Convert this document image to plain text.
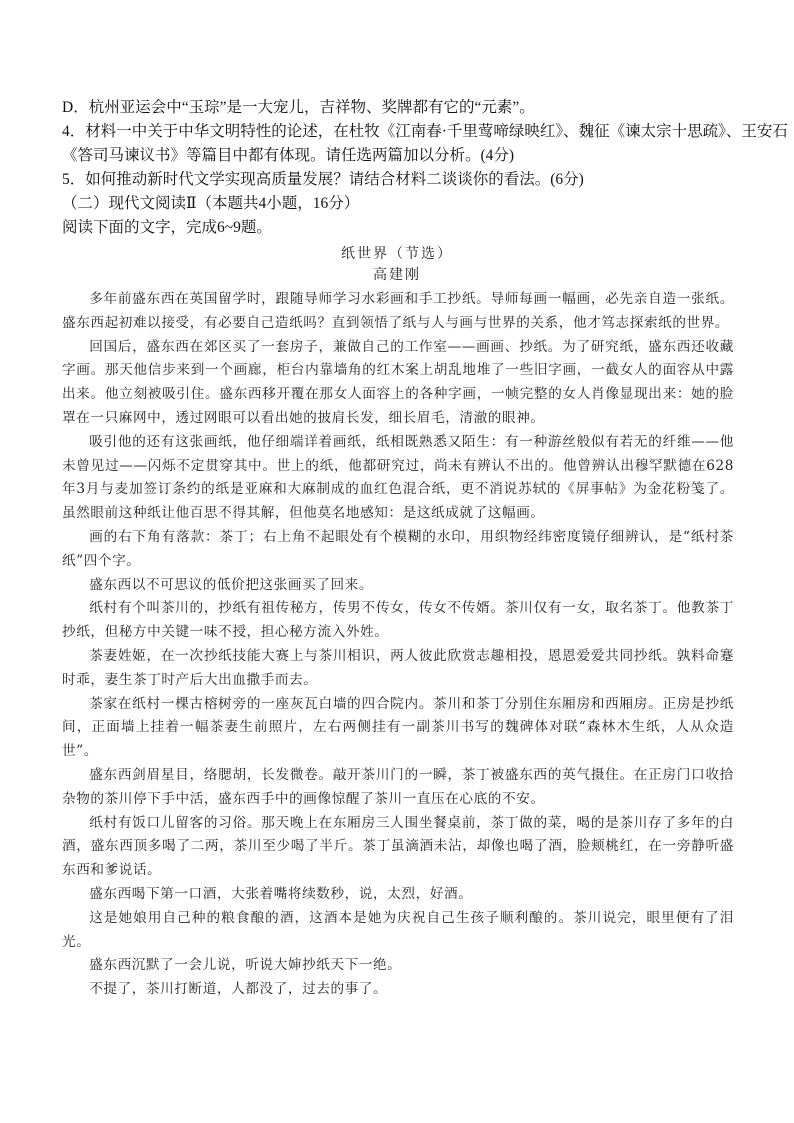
D．杭州亚运会中“玉琮”是一大宠儿，吉祥物、奖牌都有它的“元素”。
4．材料一中关于中华文明特性的论述，在杜牧《江南春·千里莺啼绿映红》、魏征《谏太宗十思疏》、王安石
《答司马谏议书》等篇目中都有体现。请任选两篇加以分析。(4分)
5．如何推动新时代文学实现高质量发展？请结合材料二谈谈你的看法。(6分)
（二）现代文阅读Ⅱ（本题共4小题，16分）
阅读下面的文字，完成6~9题。
纸世界（节选）
高建刚

多年前盛东西在英国留学时，跟随导师学习水彩画和手工抄纸。导师每画一幅画，必先亲自造一张纸。盛东西起初难以接受，有必要自己造纸吗？直到领悟了纸与人与画与世界的关系，他才笃志探索纸的世界。

回国后，盛东西在郊区买了一套房子，兼做自己的工作室——画画、抄纸。为了研究纸，盛东西还收藏字画。那天他信步来到一个画廊，柜台内靠墙角的红木案上胡乱地堆了一些旧字画，一截女人的面容从中露出来。他立刻被吸引住。盛东西移开覆在那女人面容上的各种字画，一帧完整的女人肖像显现出来：她的脸罩在一只麻网中，透过网眼可以看出她的披肩长发，细长眉毛，清澈的眼神。

吸引他的还有这张画纸，他仔细端详着画纸，纸相既熟悉又陌生：有一种游丝般似有若无的纤维——他未曾见过——闪烁不定贯穿其中。世上的纸，他都研究过，尚未有辨认不出的。他曾辨认出穆罕默德在628年3月与麦加签订条约的纸是亚麻和大麻制成的血红色混合纸，更不消说苏轼的《屏事帖》为金花粉笺了。虽然眼前这种纸让他百思不得其解，但他莫名地感知：是这纸成就了这幅画。

画的右下角有落款：茶丁；右上角不起眼处有个模糊的水印，用织物经纬密度镜仔细辨认，是“纸村茶纸”四个字。

盛东西以不可思议的低价把这张画买了回来。

纸村有个叫茶川的，抄纸有祖传秘方，传男不传女，传女不传婿。茶川仅有一女，取名茶丁。他教茶丁抄纸，但秘方中关键一味不授，担心秘方流入外姓。

茶妻姓姬，在一次抄纸技能大赛上与茶川相识，两人彼此欣赏志趣相投，恩恩爱爱共同抄纸。孰料命蹇时乖，妻生茶丁时产后大出血撒手而去。

茶家在纸村一棵古榕树旁的一座灰瓦白墙的四合院内。茶川和茶丁分别住东厢房和西厢房。正房是抄纸间，正面墙上挂着一幅茶妻生前照片，左右两侧挂有一副茶川书写的魏碑体对联“森林木生纸，人从众造世”。

盛东西剑眉星目，络腮胡，长发微卷。敲开茶川门的一瞬，茶丁被盛东西的英气摄住。在正房门口收拾杂物的茶川停下手中活，盛东西手中的画像惊醒了茶川一直压在心底的不安。

纸村有饭口儿留客的习俗。那天晚上在东厢房三人围坐餐桌前，茶丁做的菜，喝的是茶川存了多年的白酒，盛东西顶多喝了二两，茶川至少喝了半斤。茶丁虽滴酒未沾，却像也喝了酒，脸颊桃红，在一旁静听盛东西和爹说话。

盛东西喝下第一口酒，大张着嘴将续数秒，说，太烈，好酒。

这是她娘用自己种的粮食酿的酒，这酒本是她为庆祝自己生孩子顺利酿的。茶川说完，眼里便有了泪光。

盛东西沉默了一会儿说，听说大婶抄纸天下一绝。

不提了，茶川打断道，人都没了，过去的事了。
